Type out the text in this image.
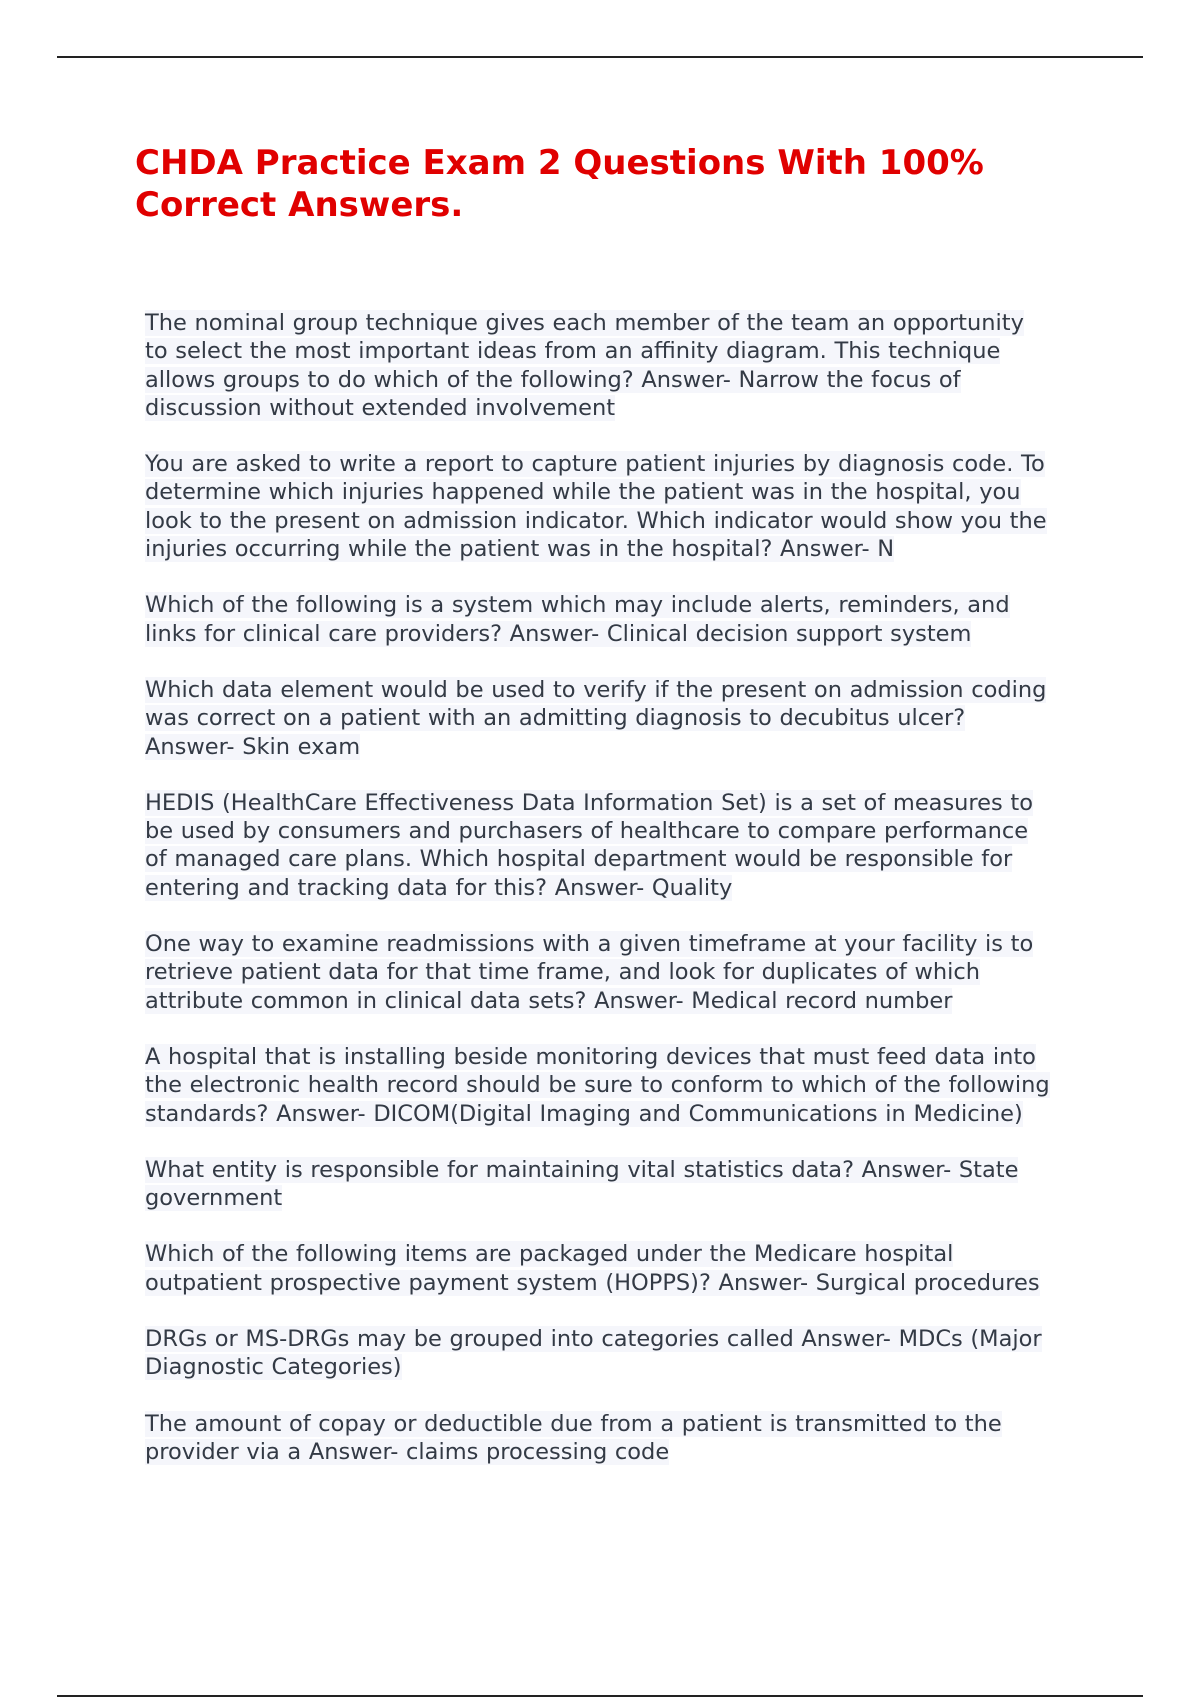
CHDA Practice Exam 2 Questions With 100% Correct Answers.
The nominal group technique gives each member of the team an opportunity to select the most important ideas from an affinity diagram. This technique allows groups to do which of the following? Answer- Narrow the focus of discussion without extended involvement
You are asked to write a report to capture patient injuries by diagnosis code. To determine which injuries happened while the patient was in the hospital, you look to the present on admission indicator. Which indicator would show you the injuries occurring while the patient was in the hospital? Answer- N
Which of the following is a system which may include alerts, reminders, and links for clinical care providers? Answer- Clinical decision support system
Which data element would be used to verify if the present on admission coding was correct on a patient with an admitting diagnosis to decubitus ulcer? Answer- Skin exam
HEDIS (HealthCare Effectiveness Data Information Set) is a set of measures to be used by consumers and purchasers of healthcare to compare performance of managed care plans. Which hospital department would be responsible for entering and tracking data for this? Answer- Quality
One way to examine readmissions with a given timeframe at your facility is to retrieve patient data for that time frame, and look for duplicates of which attribute common in clinical data sets? Answer- Medical record number
A hospital that is installing beside monitoring devices that must feed data into the electronic health record should be sure to conform to which of the following standards? Answer- DICOM(Digital Imaging and Communications in Medicine)
What entity is responsible for maintaining vital statistics data? Answer- State government
Which of the following items are packaged under the Medicare hospital outpatient prospective payment system (HOPPS)? Answer- Surgical procedures
DRGs or MS-DRGs may be grouped into categories called Answer- MDCs (Major Diagnostic Categories)
The amount of copay or deductible due from a patient is transmitted to the provider via a Answer- claims processing code
